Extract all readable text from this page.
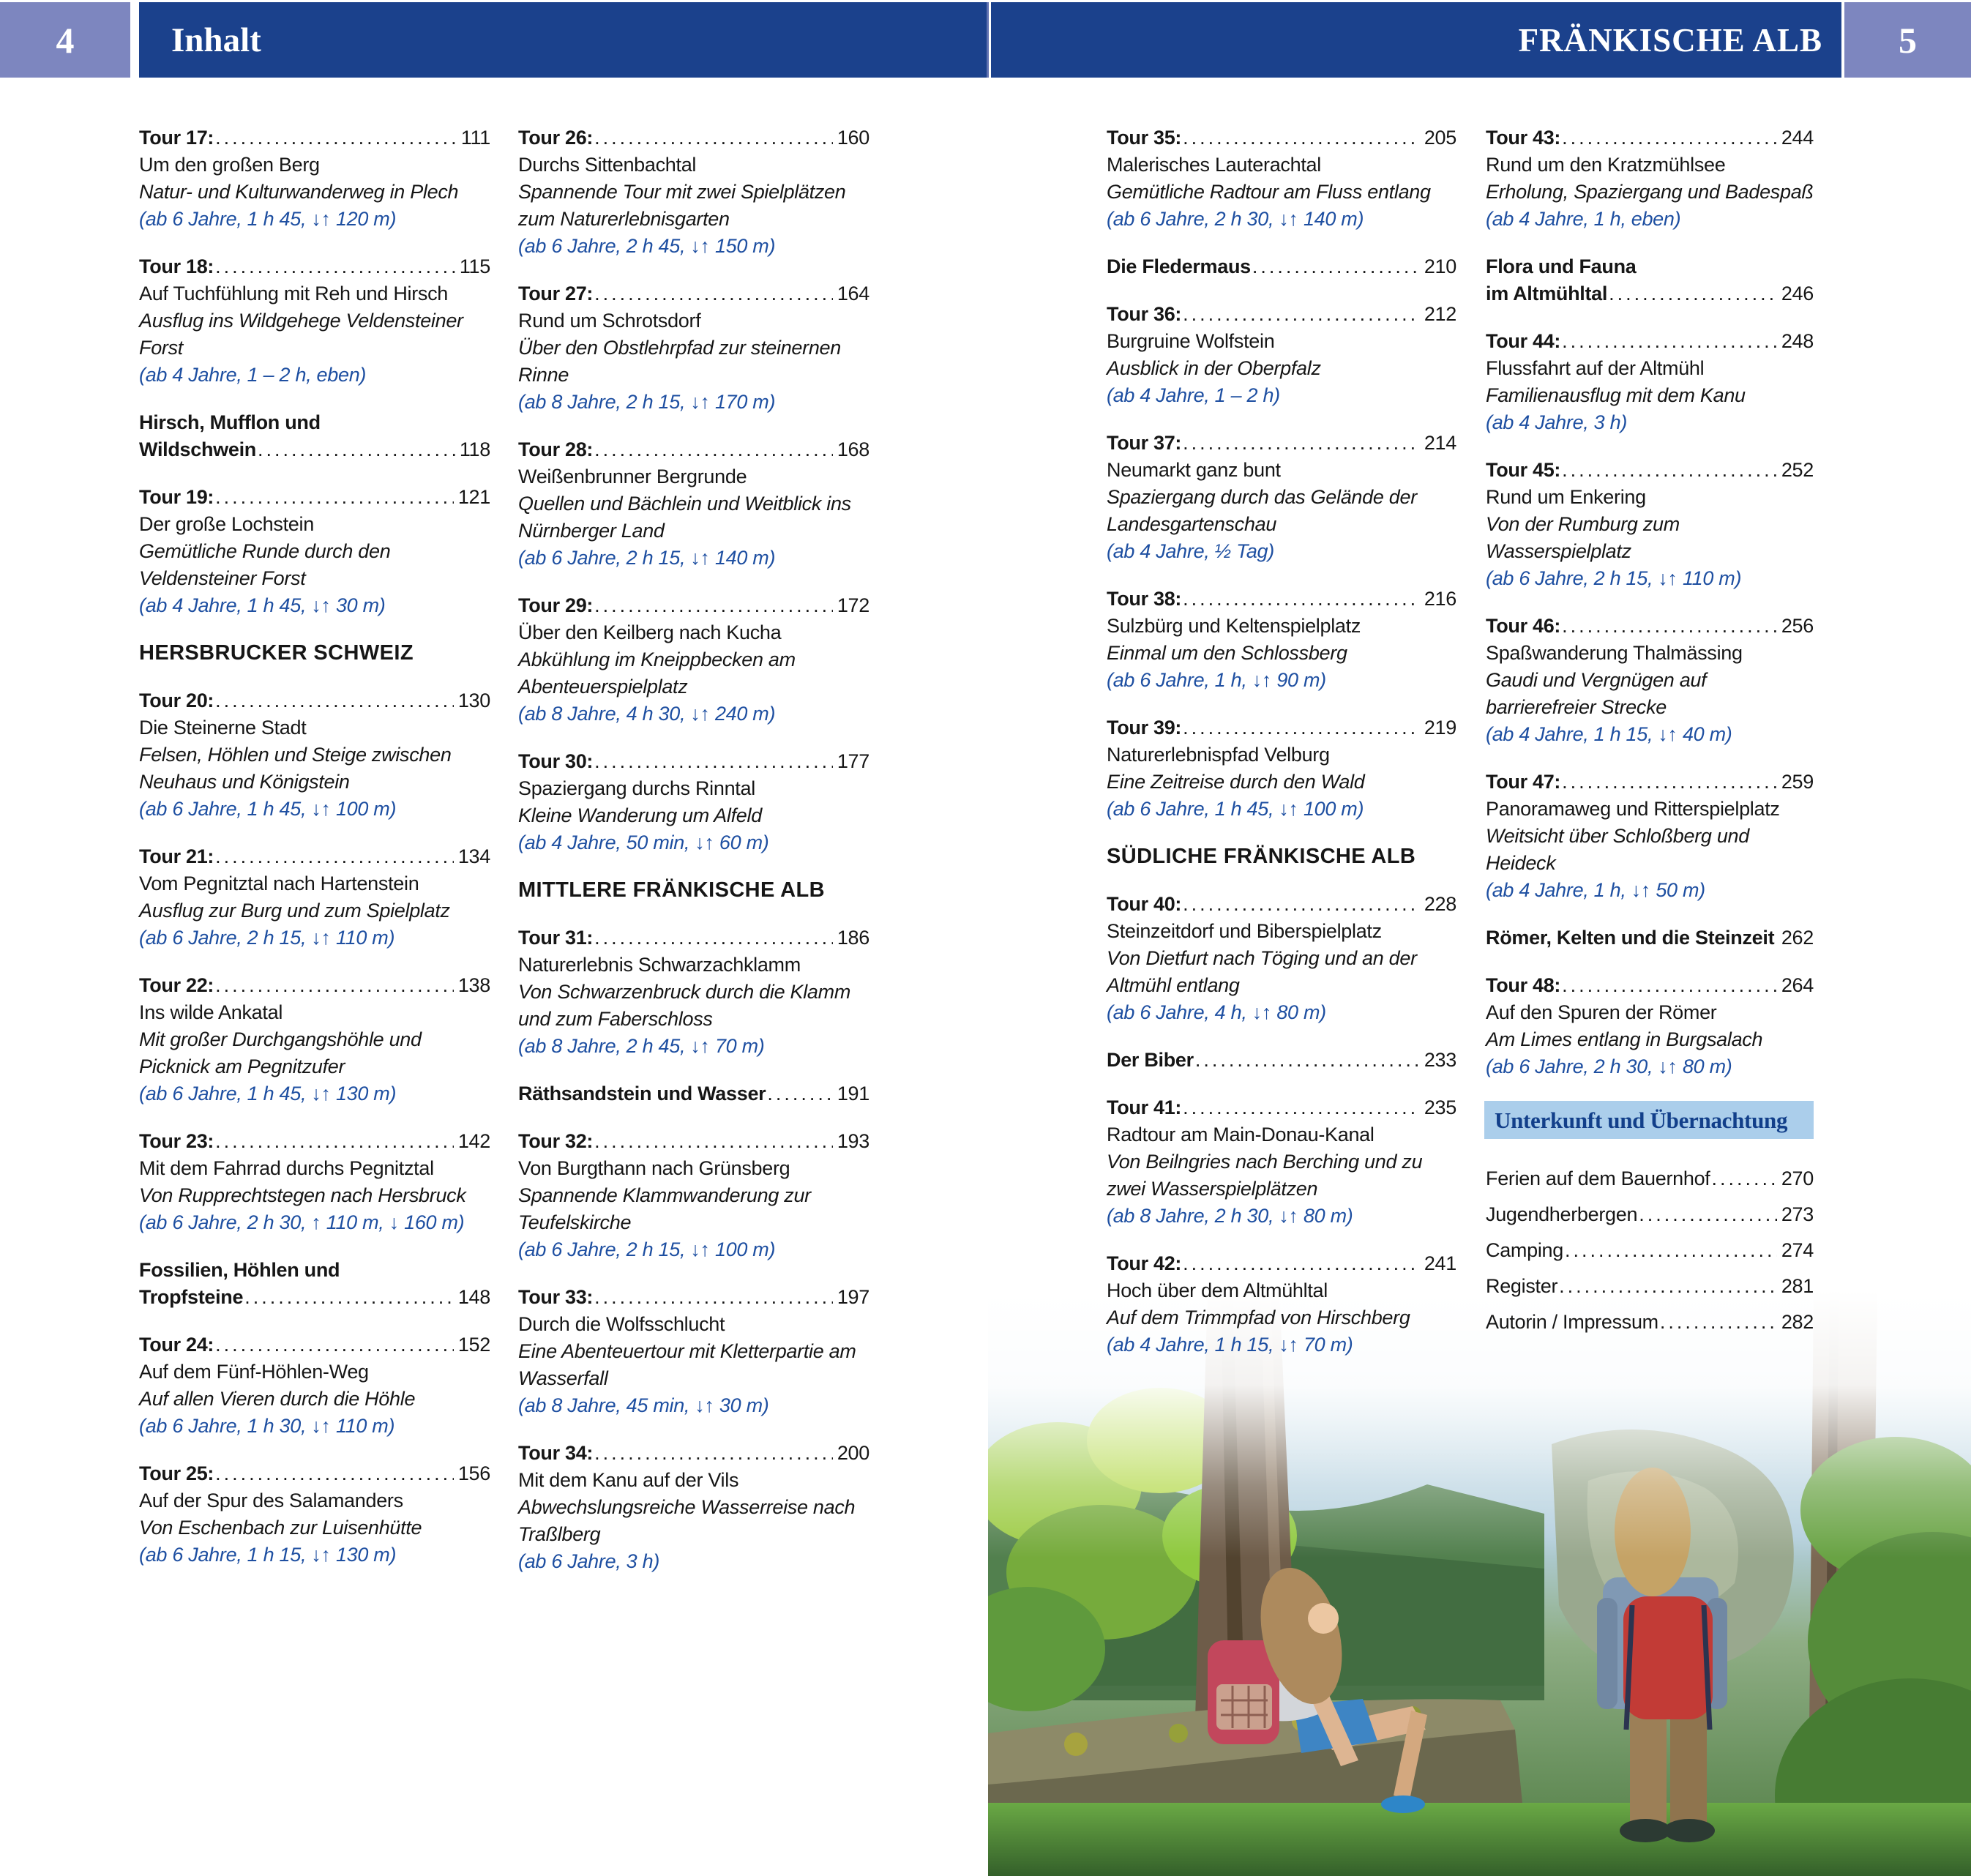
4	Inhalt	FRÄNKISCHE ALB	5
Tour 17: .....	111
Um den großen Berg
Natur- und Kulturwanderweg in Plech
(ab 6 Jahre, 1 h 45, ↓↑ 120 m)
Tour 18: .....	115
Auf Tuchfühlung mit Reh und Hirsch
Ausflug ins Wildgehege Veldensteiner Forst
(ab 4 Jahre, 1 – 2 h, eben)
Hirsch, Mufflon und
Wildschwein .....	118
Tour 19: .....	121
Der große Lochstein
Gemütliche Runde durch den Veldensteiner Forst
(ab 4 Jahre, 1 h 45, ↓↑ 30 m)
HERSBRUCKER SCHWEIZ
Tour 20: .....	130
Die Steinerne Stadt
Felsen, Höhlen und Steige zwischen Neuhaus und Königstein
(ab 6 Jahre, 1 h 45, ↓↑ 100 m)
Tour 21: .....	134
Vom Pegnitztal nach Hartenstein
Ausflug zur Burg und zum Spielplatz
(ab 6 Jahre, 2 h 15, ↓↑ 110 m)
Tour 22: .....	138
Ins wilde Ankatal
Mit großer Durchgangshöhle und Picknick am Pegnitzufer
(ab 6 Jahre, 1 h 45, ↓↑ 130 m)
Tour 23: .....	142
Mit dem Fahrrad durchs Pegnitztal
Von Rupprechtstegen nach Hersbruck
(ab 6 Jahre, 2 h 30, ↑ 110 m, ↓ 160 m)
Fossilien, Höhlen und
Tropfsteine .....	148
Tour 24: .....	152
Auf dem Fünf-Höhlen-Weg
Auf allen Vieren durch die Höhle
(ab 6 Jahre, 1 h 30, ↓↑ 110 m)
Tour 25: .....	156
Auf der Spur des Salamanders
Von Eschenbach zur Luisenhütte
(ab 6 Jahre, 1 h 15, ↓↑ 130 m)
Tour 26: .....	160
Durchs Sittenbachtal
Spannende Tour mit zwei Spielplätzen zum Naturerlebnisgarten
(ab 6 Jahre, 2 h 45, ↓↑ 150 m)
Tour 27: .....	164
Rund um Schrotsdorf
Über den Obstlehrpfad zur steinernen Rinne
(ab 8 Jahre, 2 h 15, ↓↑ 170 m)
Tour 28: .....	168
Weißenbrunner Bergrunde
Quellen und Bächlein und Weitblick ins Nürnberger Land
(ab 6 Jahre, 2 h 15, ↓↑ 140 m)
Tour 29: .....	172
Über den Keilberg nach Kucha
Abkühlung im Kneippbecken am Abenteuerspielplatz
(ab 8 Jahre, 4 h 30, ↓↑ 240 m)
Tour 30: .....	177
Spaziergang durchs Rinntal
Kleine Wanderung um Alfeld
(ab 4 Jahre, 50 min, ↓↑ 60 m)
MITTLERE FRÄNKISCHE ALB
Tour 31: .....	186
Naturerlebnis Schwarzachklamm
Von Schwarzenbruck durch die Klamm und zum Faberschloss
(ab 8 Jahre, 2 h 45, ↓↑ 70 m)
Räthsandstein und Wasser .....	191
Tour 32: .....	193
Von Burgthann nach Grünsberg
Spannende Klammwanderung zur Teufelskirche
(ab 6 Jahre, 2 h 15, ↓↑ 100 m)
Tour 33: .....	197
Durch die Wolfsschlucht
Eine Abenteuertour mit Kletterpartie am Wasserfall
(ab 8 Jahre, 45 min, ↓↑ 30 m)
Tour 34: .....	200
Mit dem Kanu auf der Vils
Abwechslungsreiche Wasserreise nach Traßlberg
(ab 6 Jahre, 3 h)
Tour 35: .....	205
Malerisches Lauterachtal
Gemütliche Radtour am Fluss entlang
(ab 6 Jahre, 2 h 30, ↓↑ 140 m)
Die Fledermaus .....	210
Tour 36: .....	212
Burgruine Wolfstein
Ausblick in der Oberpfalz
(ab 4 Jahre, 1 – 2 h)
Tour 37: .....	214
Neumarkt ganz bunt
Spaziergang durch das Gelände der Landesgartenschau
(ab 4 Jahre, ½ Tag)
Tour 38: .....	216
Sulzbürg und Keltenspielplatz
Einmal um den Schlossberg
(ab 6 Jahre, 1 h, ↓↑ 90 m)
Tour 39: .....	219
Naturerlebnispfad Velburg
Eine Zeitreise durch den Wald
(ab 6 Jahre, 1 h 45, ↓↑ 100 m)
SÜDLICHE FRÄNKISCHE ALB
Tour 40: .....	228
Steinzeitdorf und Biberspielplatz
Von Dietfurt nach Töging und an der Altmühl entlang
(ab 6 Jahre, 4 h, ↓↑ 80 m)
Der Biber .....	233
Tour 41: .....	235
Radtour am Main-Donau-Kanal
Von Beilngries nach Berching und zu zwei Wasserspielplätzen
(ab 8 Jahre, 2 h 30, ↓↑ 80 m)
Tour 42: .....	241
Hoch über dem Altmühltal
Auf dem Trimmpfad von Hirschberg
(ab 4 Jahre, 1 h 15, ↓↑ 70 m)
Tour 43: .....	244
Rund um den Kratzmühlsee
Erholung, Spaziergang und Badespaß
(ab 4 Jahre, 1 h, eben)
Flora und Fauna
im Altmühltal .....	246
Tour 44: .....	248
Flussfahrt auf der Altmühl
Familienausflug mit dem Kanu
(ab 4 Jahre, 3 h)
Tour 45: .....	252
Rund um Enkering
Von der Rumburg zum Wasserspielplatz
(ab 6 Jahre, 2 h 15, ↓↑ 110 m)
Tour 46: .....	256
Spaßwanderung Thalmässing
Gaudi und Vergnügen auf barrierefreier Strecke
(ab 4 Jahre, 1 h 15, ↓↑ 40 m)
Tour 47: .....	259
Panoramaweg und Ritterspielplatz
Weitsicht über Schloßberg und Heideck
(ab 4 Jahre, 1 h, ↓↑ 50 m)
Römer, Kelten und die Steinzeit ..... 262
Tour 48: .....	264
Auf den Spuren der Römer
Am Limes entlang in Burgsalach
(ab 6 Jahre, 2 h 30, ↓↑ 80 m)
Unterkunft und Übernachtung
Ferien auf dem Bauernhof .....	270
Jugendherbergen .....	273
Camping .....	274
Register .....	281
Autorin / Impressum .....	282
